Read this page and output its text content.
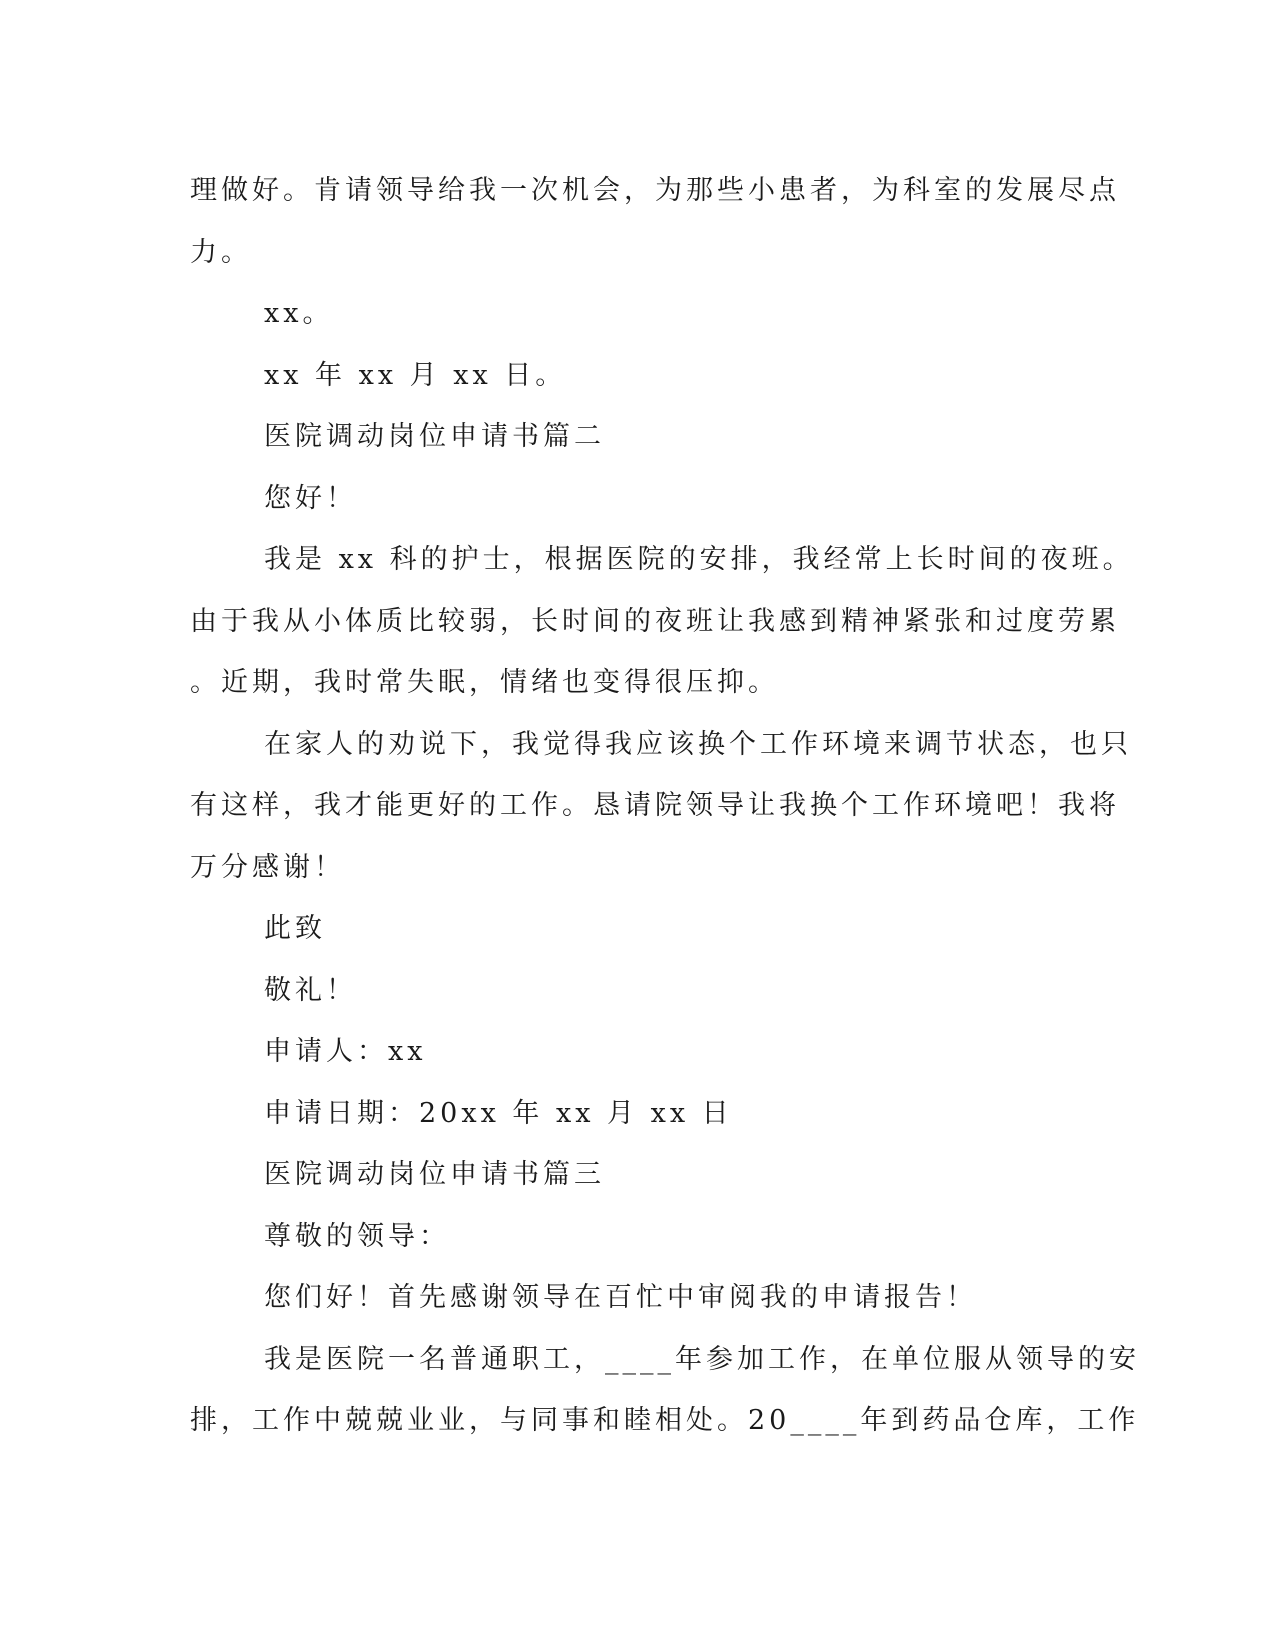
理做好。肯请领导给我一次机会，为那些小患者，为科室的发展尽点
力。
xx。
xx 年 xx 月 xx 日。
医院调动岗位申请书篇二
您好！
我是 xx 科的护士，根据医院的安排，我经常上长时间的夜班。
由于我从小体质比较弱，长时间的夜班让我感到精神紧张和过度劳累
。近期，我时常失眠，情绪也变得很压抑。
在家人的劝说下，我觉得我应该换个工作环境来调节状态，也只
有这样，我才能更好的工作。恳请院领导让我换个工作环境吧！我将
万分感谢！
此致
敬礼！
申请人：xx
申请日期：20xx 年 xx 月 xx 日
医院调动岗位申请书篇三
尊敬的领导：
您们好！首先感谢领导在百忙中审阅我的申请报告！
我是医院一名普通职工，____年参加工作，在单位服从领导的安
排，工作中兢兢业业，与同事和睦相处。20____年到药品仓库，工作
